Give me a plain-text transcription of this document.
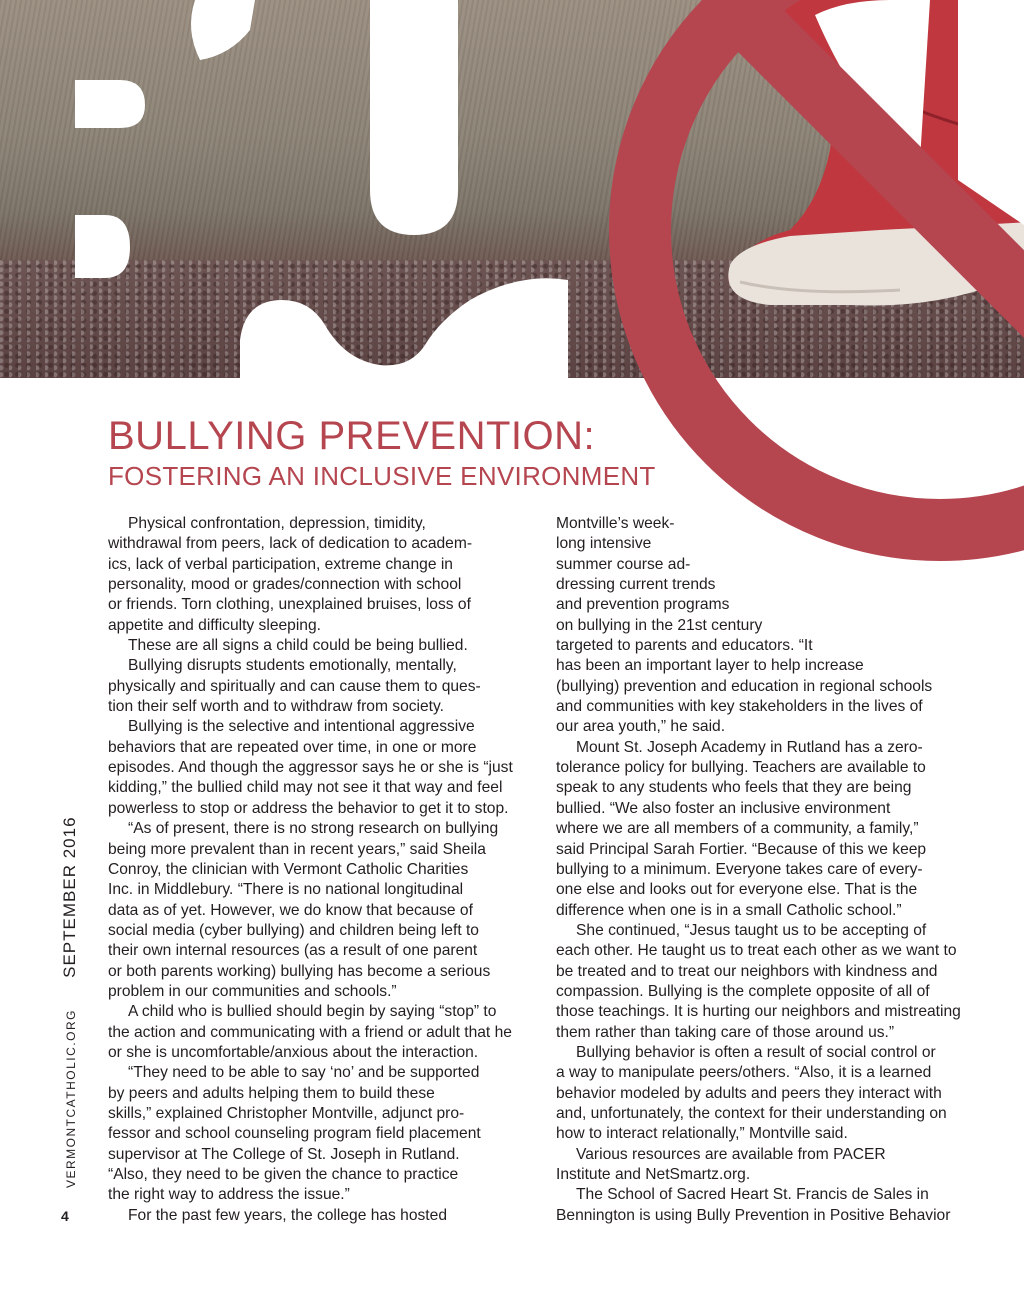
BULLYING PREVENTION:
FOSTERING AN INCLUSIVE ENVIRONMENT

Physical confrontation, depression, timidity,

withdrawal from peers, lack of dedication to academ-

ics, lack of verbal participation, extreme change in

personality, mood or grades/connection with school

or friends. Torn clothing, unexplained bruises, loss of

appetite and difficulty sleeping.

These are all signs a child could be being bullied.

Bullying disrupts students emotionally, mentally,

physically and spiritually and can cause them to ques-

tion their self worth and to withdraw from society.

Bullying is the selective and intentional aggressive

behaviors that are repeated over time, in one or more

episodes. And though the aggressor says he or she is “just

kidding,” the bullied child may not see it that way and feel

powerless to stop or address the behavior to get it to stop.

“As of present, there is no strong research on bullying

being more prevalent than in recent years,” said Sheila

Conroy, the clinician with Vermont Catholic Charities

Inc. in Middlebury. “There is no national longitudinal

data as of yet. However, we do know that because of

social media (cyber bullying) and children being left to

their own internal resources (as a result of one parent

or both parents working) bullying has become a serious

problem in our communities and schools.”

A child who is bullied should begin by saying “stop” to

the action and communicating with a friend or adult that he

or she is uncomfortable/anxious about the interaction.

“They need to be able to say ‘no’ and be supported

by peers and adults helping them to build these

skills,” explained Christopher Montville, adjunct pro-

fessor and school counseling program field placement

supervisor at The College of St. Joseph in Rutland.

“Also, they need to be given the chance to practice

the right way to address the issue.”

For the past few years, the college has hosted

Montville’s week-

long intensive

summer course ad-

dressing current trends

and prevention programs

on bullying in the 21st century

targeted to parents and educators. “It

has been an important layer to help increase

(bullying) prevention and education in regional schools

and communities with key stakeholders in the lives of

our area youth,” he said.

Mount St. Joseph Academy in Rutland has a zero-

tolerance policy for bullying. Teachers are available to

speak to any students who feels that they are being

bullied. “We also foster an inclusive environment

where we are all members of a community, a family,”

said Principal Sarah Fortier. “Because of this we keep

bullying to a minimum. Everyone takes care of every-

one else and looks out for everyone else. That is the

difference when one is in a small Catholic school.”

She continued, “Jesus taught us to be accepting of

each other. He taught us to treat each other as we want to

be treated and to treat our neighbors with kindness and

compassion. Bullying is the complete opposite of all of

those teachings. It is hurting our neighbors and mistreating

them rather than taking care of those around us.”

Bullying behavior is often a result of social control or

a way to manipulate peers/others. “Also, it is a learned

behavior modeled by adults and peers they interact with

and, unfortunately, the context for their understanding on

how to interact relationally,” Montville said.

Various resources are available from PACER

Institute and NetSmartz.org.

The School of Sacred Heart St. Francis de Sales in

Bennington is using Bully Prevention in Positive Behavior

VERMONTCATHOLIC.ORG SEPTEMBER 2016
4
